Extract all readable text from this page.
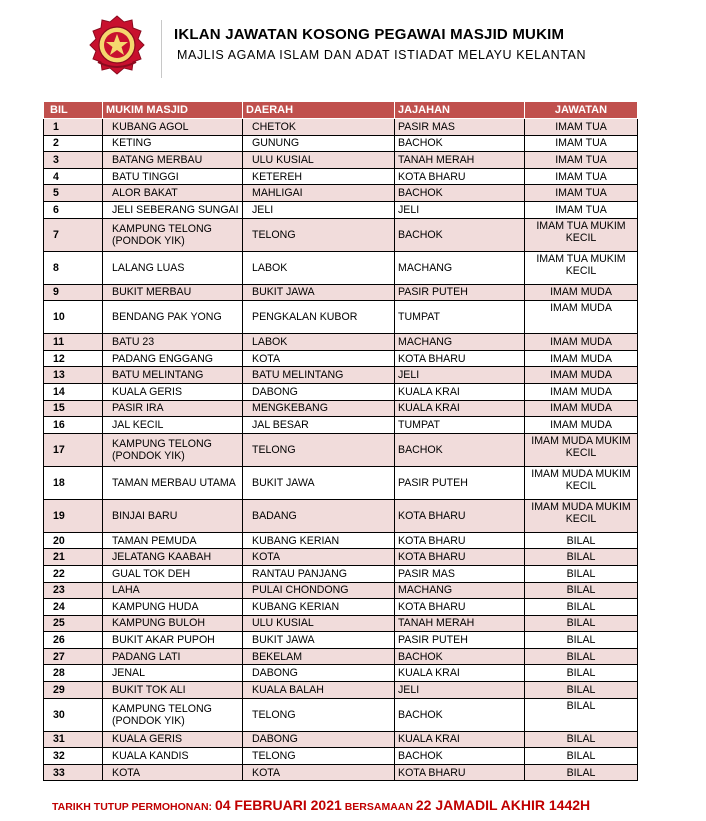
IKLAN JAWATAN KOSONG PEGAWAI MASJID MUKIM
MAJLIS AGAMA ISLAM DAN ADAT ISTIADAT MELAYU KELANTAN
BIL	MUKIM MASJID	DAERAH	JAJAHAN	JAWATAN
1	KUBANG AGOL	CHETOK	PASIR MAS	IMAM TUA
2	KETING	GUNUNG	BACHOK	IMAM TUA
3	BATANG MERBAU	ULU KUSIAL	TANAH MERAH	IMAM TUA
4	BATU TINGGI	KETEREH	KOTA BHARU	IMAM TUA
5	ALOR BAKAT	MAHLIGAI	BACHOK	IMAM TUA
6	JELI SEBERANG SUNGAI	JELI	JELI	IMAM TUA
7	KAMPUNG TELONG (PONDOK YIK)	TELONG	BACHOK	IMAM TUA MUKIM KECIL
8	LALANG LUAS	LABOK	MACHANG	IMAM TUA MUKIM KECIL
9	BUKIT MERBAU	BUKIT JAWA	PASIR PUTEH	IMAM MUDA
10	BENDANG PAK YONG	PENGKALAN KUBOR	TUMPAT	IMAM MUDA
11	BATU 23	LABOK	MACHANG	IMAM MUDA
12	PADANG ENGGANG	KOTA	KOTA BHARU	IMAM MUDA
13	BATU MELINTANG	BATU MELINTANG	JELI	IMAM MUDA
14	KUALA GERIS	DABONG	KUALA KRAI	IMAM MUDA
15	PASIR IRA	MENGKEBANG	KUALA KRAI	IMAM MUDA
16	JAL KECIL	JAL BESAR	TUMPAT	IMAM MUDA
17	KAMPUNG TELONG (PONDOK YIK)	TELONG	BACHOK	IMAM MUDA MUKIM KECIL
18	TAMAN MERBAU UTAMA	BUKIT JAWA	PASIR PUTEH	IMAM MUDA MUKIM KECIL
19	BINJAI BARU	BADANG	KOTA BHARU	IMAM MUDA MUKIM KECIL
20	TAMAN PEMUDA	KUBANG KERIAN	KOTA BHARU	BILAL
21	JELATANG KAABAH	KOTA	KOTA BHARU	BILAL
22	GUAL TOK DEH	RANTAU PANJANG	PASIR MAS	BILAL
23	LAHA	PULAI CHONDONG	MACHANG	BILAL
24	KAMPUNG HUDA	KUBANG KERIAN	KOTA BHARU	BILAL
25	KAMPUNG BULOH	ULU KUSIAL	TANAH MERAH	BILAL
26	BUKIT AKAR PUPOH	BUKIT JAWA	PASIR PUTEH	BILAL
27	PADANG LATI	BEKELAM	BACHOK	BILAL
28	JENAL	DABONG	KUALA KRAI	BILAL
29	BUKIT TOK ALI	KUALA BALAH	JELI	BILAL
30	KAMPUNG TELONG (PONDOK YIK)	TELONG	BACHOK	BILAL
31	KUALA GERIS	DABONG	KUALA KRAI	BILAL
32	KUALA KANDIS	TELONG	BACHOK	BILAL
33	KOTA	KOTA	KOTA BHARU	BILAL
TARIKH TUTUP PERMOHONAN: 04 FEBRUARI 2021 BERSAMAAN 22 JAMADIL AKHIR 1442H
